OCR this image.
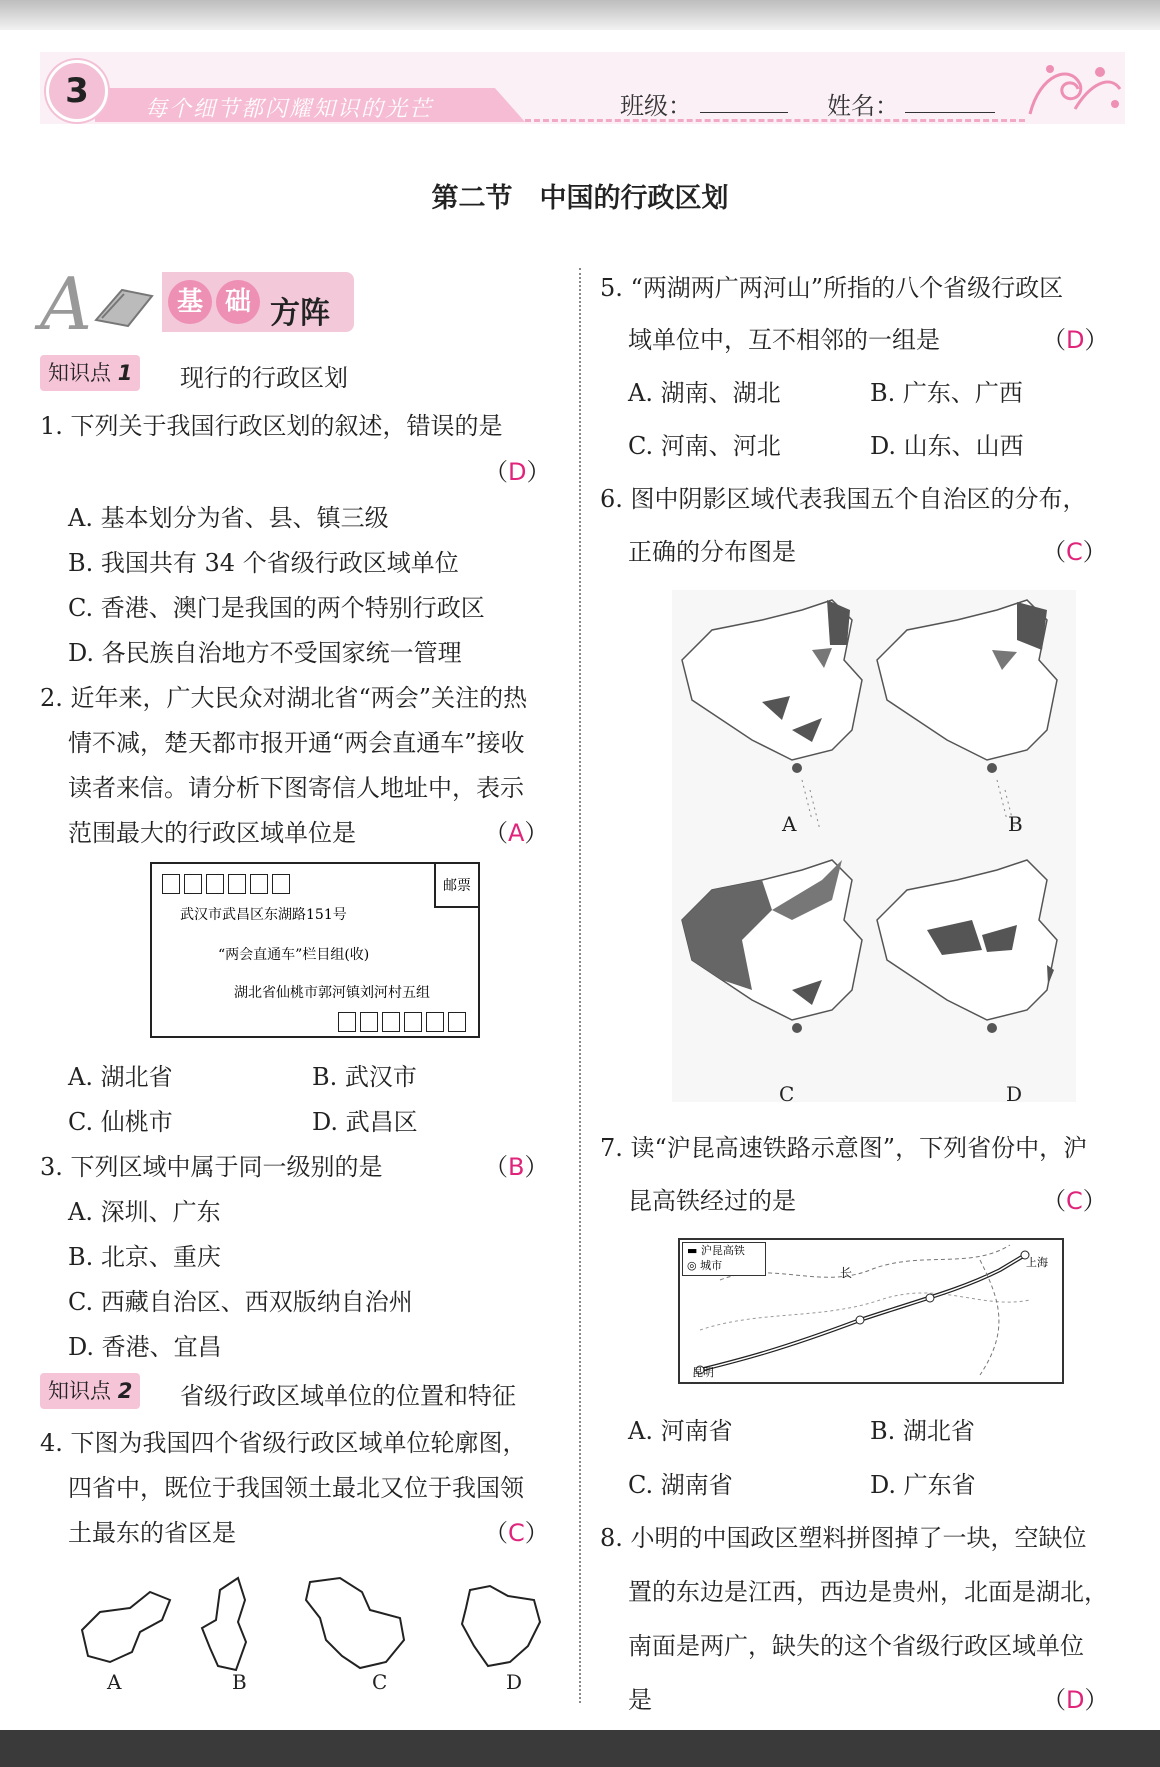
3	每个细节都闪耀知识的光芒	班级：	姓名：
第二节　中国的行政区划
A	基 础 方阵
知识点 1	现行的行政区划
1. 下列关于我国行政区划的叙述，错误的是
（D）
A. 基本划分为省、县、镇三级
B. 我国共有 34 个省级行政区域单位
C. 香港、澳门是我国的两个特别行政区
D. 各民族自治地方不受国家统一管理
2. 近年来，广大民众对湖北省“两会”关注的热
情不减，楚天都市报开通“两会直通车”接收
读者来信。请分析下图寄信人地址中，表示
范围最大的行政区域单位是	（A）
邮票
武汉市武昌区东湖路151号
“两会直通车”栏目组(收)
湖北省仙桃市郭河镇刘河村五组
A. 湖北省	B. 武汉市
C. 仙桃市	D. 武昌区
3. 下列区域中属于同一级别的是	（B）
A. 深圳、广东
B. 北京、重庆
C. 西藏自治区、西双版纳自治州
D. 香港、宜昌
知识点 2	省级行政区域单位的位置和特征
4. 下图为我国四个省级行政区域单位轮廓图，
四省中，既位于我国领土最北又位于我国领
土最东的省区是	（C）
A	B	C	D
5. “两湖两广两河山”所指的八个省级行政区
域单位中，互不相邻的一组是	（D）
A. 湖南、湖北	B. 广东、广西
C. 河南、河北	D. 山东、山西
6. 图中阴影区域代表我国五个自治区的分布，
正确的分布图是	（C）
A	B
C	D
7. 读“沪昆高速铁路示意图”，下列省份中，沪
昆高铁经过的是	（C）
▬ 沪昆高铁
◎ 城市
长
上海
昆明
A. 河南省	B. 湖北省
C. 湖南省	D. 广东省
8. 小明的中国政区塑料拼图掉了一块，空缺位
置的东边是江西，西边是贵州，北面是湖北，
南面是两广，缺失的这个省级行政区域单位
是	（D）
